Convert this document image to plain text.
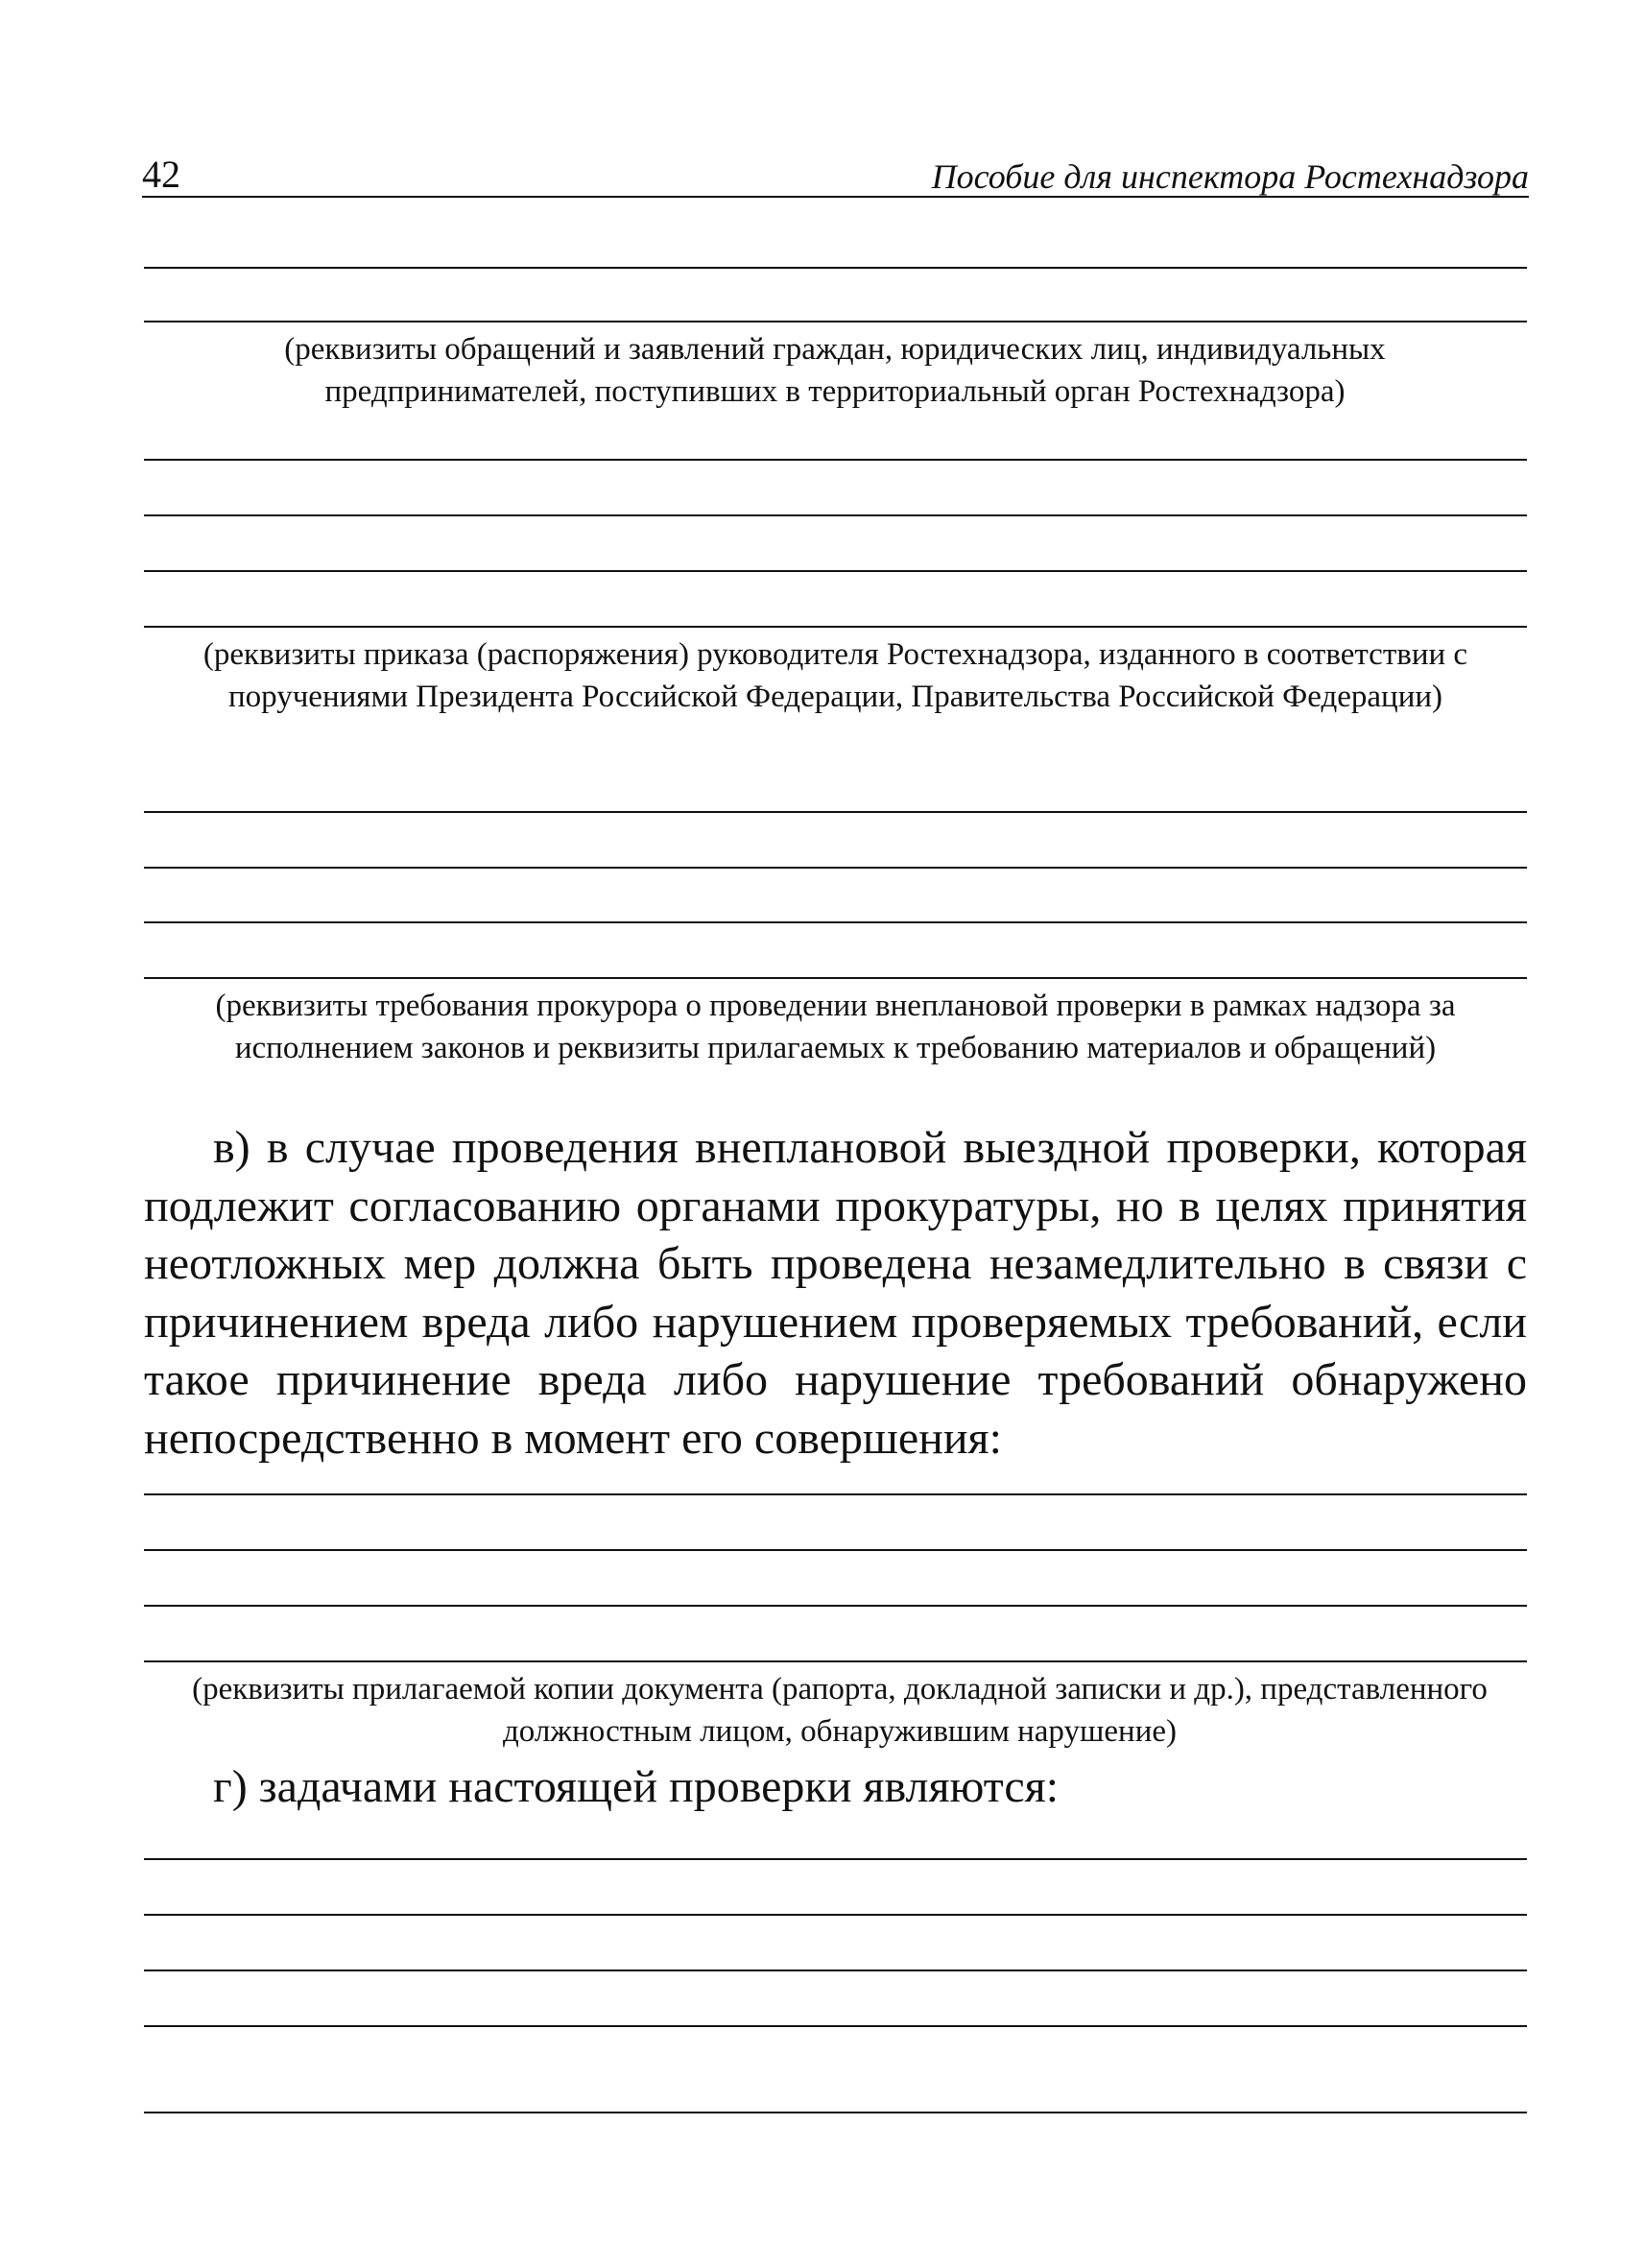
42	Пособие для инспектора Ростехнадзора
(реквизиты обращений и заявлений граждан, юридических лиц, индивидуальных предпринимателей, поступивших в территориальный орган Ростехнадзора)
(реквизиты приказа (распоряжения) руководителя Ростехнадзора, изданного в соответствии с поручениями Президента Российской Федерации, Правительства Российской Федерации)
(реквизиты требования прокурора о проведении внеплановой проверки в рамках надзора за исполнением законов и реквизиты прилагаемых к требованию материалов и обращений)
в) в случае проведения внеплановой выездной проверки, которая подлежит согласованию органами прокуратуры, но в целях принятия неотложных мер должна быть проведена незамедлительно в связи с причинением вреда либо нарушением проверяемых требований, если такое причинение вреда либо нарушение требований обнаружено непосредственно в момент его совершения:
(реквизиты прилагаемой копии документа (рапорта, докладной записки и др.), представленного должностным лицом, обнаружившим нарушение)
г) задачами настоящей проверки являются:
